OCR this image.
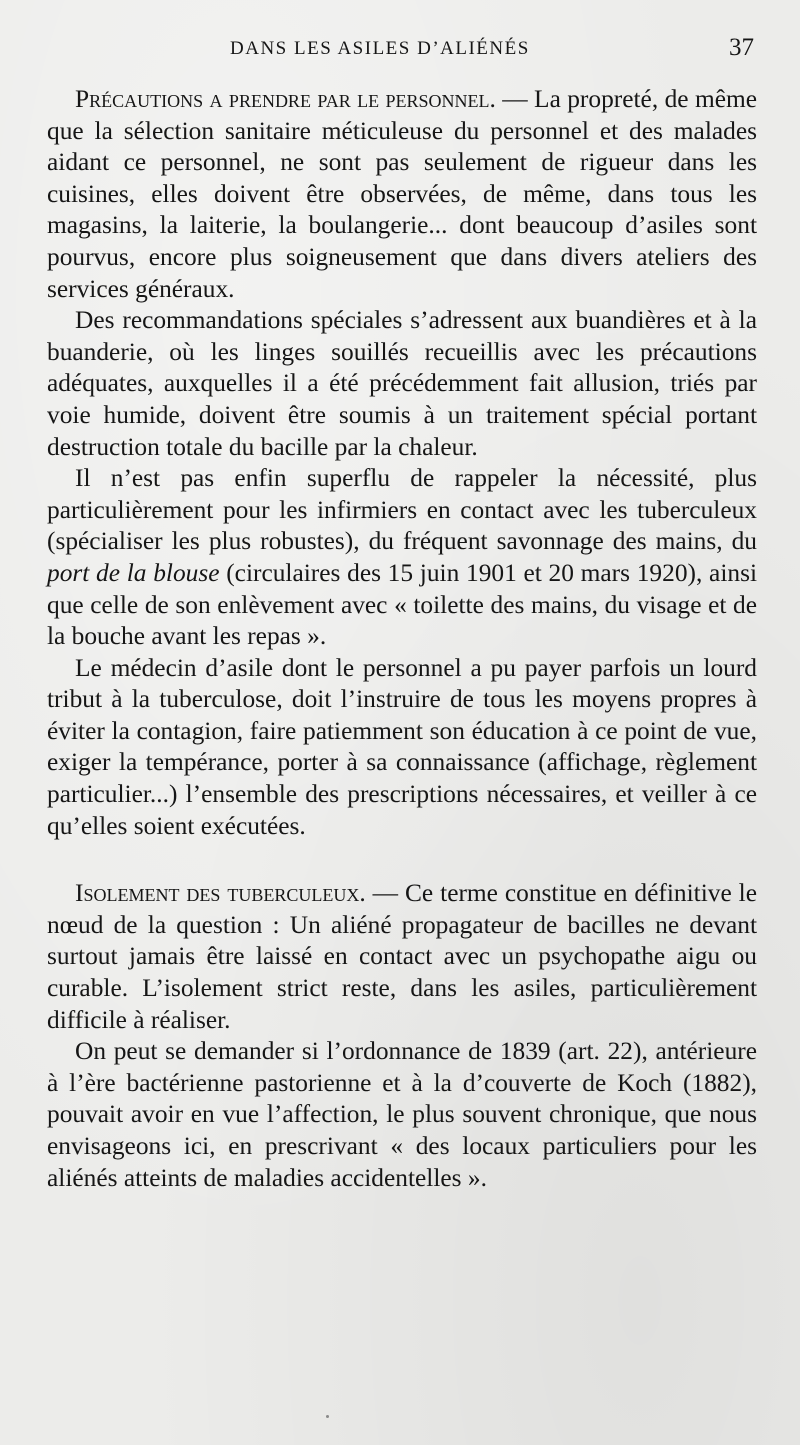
DANS LES ASILES D’ALIÉNÉS	37

Précautions a prendre par le personnel. — La propreté, de même que la sélection sanitaire méticuleuse du personnel et des malades aidant ce personnel, ne sont pas seulement de rigueur dans les cuisines, elles doivent être observées, de même, dans tous les magasins, la laiterie, la boulangerie... dont beaucoup d’asiles sont pourvus, encore plus soigneusement que dans divers ateliers des services généraux.

Des recommandations spéciales s’adressent aux buandières et à la buanderie, où les linges souillés recueillis avec les précautions adéquates, auxquelles il a été précédemment fait allusion, triés par voie humide, doivent être soumis à un traitement spécial portant destruction totale du bacille par la chaleur.

Il n’est pas enfin superflu de rappeler la nécessité, plus particulièrement pour les infirmiers en contact avec les tuberculeux (spécialiser les plus robustes), du fréquent savonnage des mains, du port de la blouse (circulaires des 15 juin 1901 et 20 mars 1920), ainsi que celle de son enlèvement avec « toilette des mains, du visage et de la bouche avant les repas ».

Le médecin d’asile dont le personnel a pu payer parfois un lourd tribut à la tuberculose, doit l’instruire de tous les moyens propres à éviter la contagion, faire patiemment son éducation à ce point de vue, exiger la tempérance, porter à sa connaissance (affichage, règlement particulier...) l’ensemble des prescriptions nécessaires, et veiller à ce qu’elles soient exécutées.

Isolement des tuberculeux. — Ce terme constitue en définitive le nœud de la question : Un aliéné propagateur de bacilles ne devant surtout jamais être laissé en contact avec un psychopathe aigu ou curable. L’isolement strict reste, dans les asiles, particulièrement difficile à réaliser.

On peut se demander si l’ordonnance de 1839 (art. 22), antérieure à l’ère bactérienne pastorienne et à la d’couverte de Koch (1882), pouvait avoir en vue l’affection, le plus souvent chronique, que nous envisageons ici, en prescrivant « des locaux particuliers pour les aliénés atteints de maladies accidentelles ».
